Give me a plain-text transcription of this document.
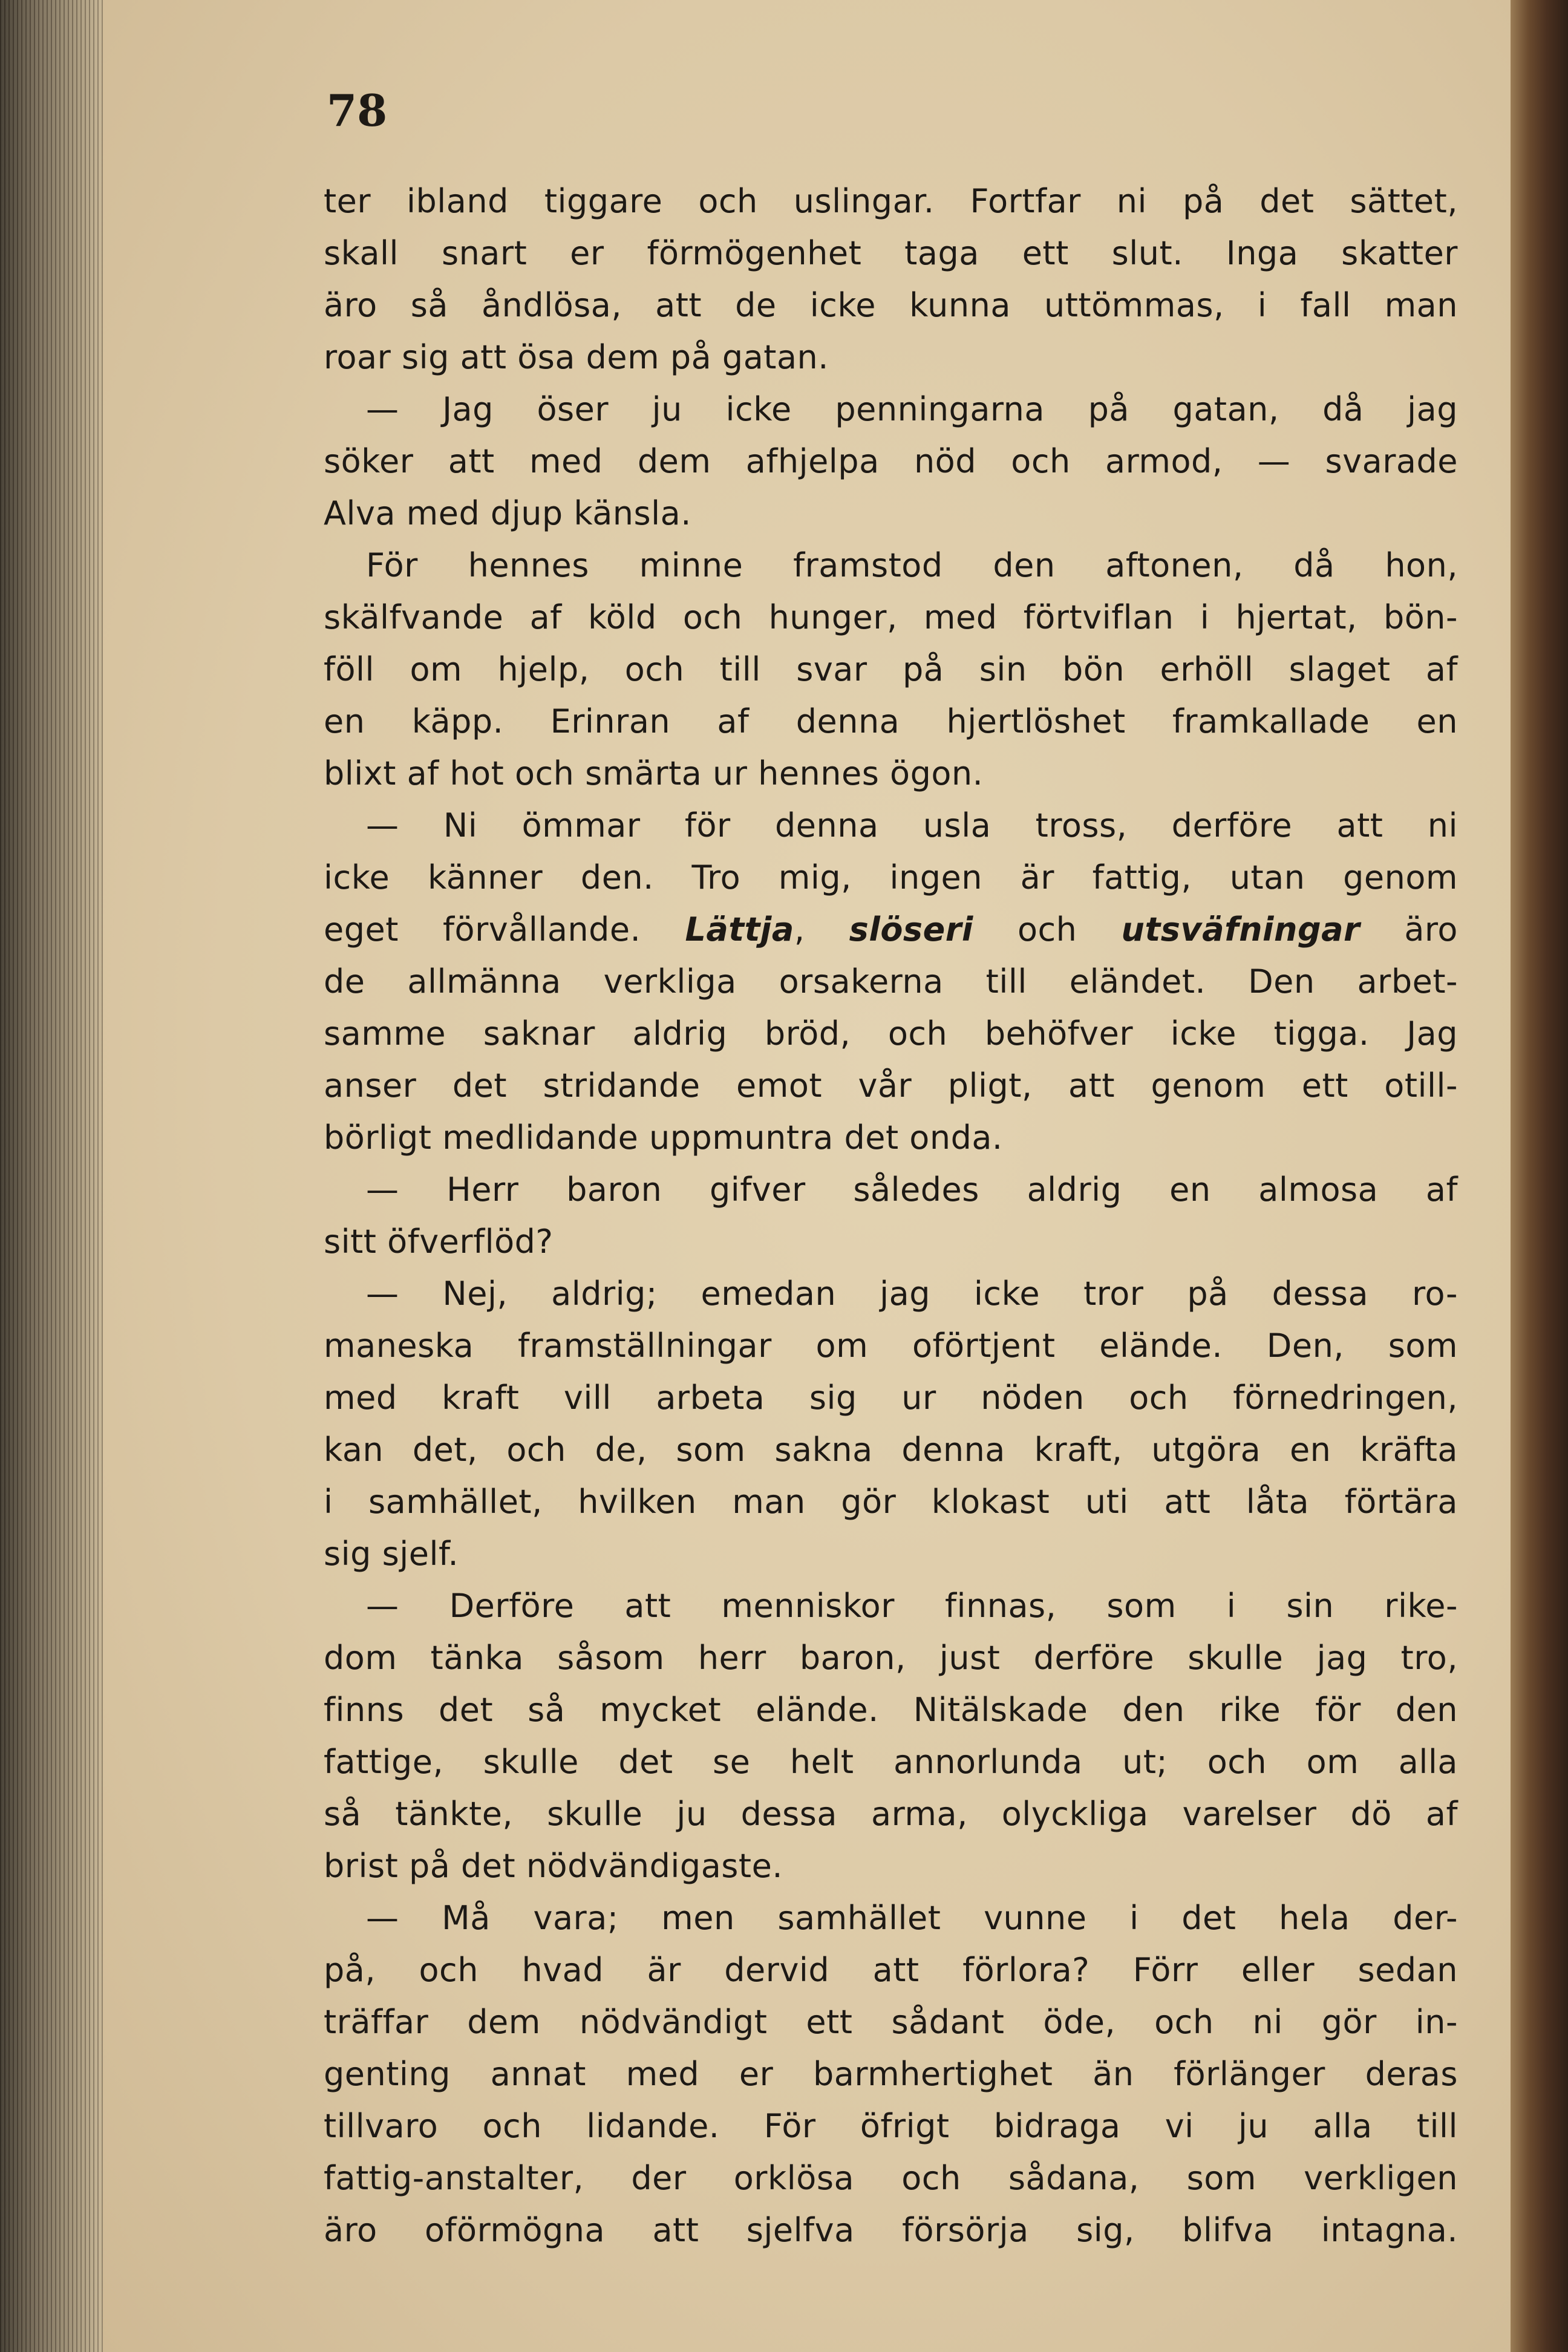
78
ter ibland tiggare och uslingar. Fortfar ni på det sättet,
skall snart er förmögenhet taga ett slut. Inga skatter
äro så åndlösa, att de icke kunna uttömmas, i fall man
roar sig att ösa dem på gatan.
— Jag öser ju icke penningarna på gatan, då jag
söker att med dem afhjelpa nöd och armod, — svarade
Alva med djup känsla.
För hennes minne framstod den aftonen, då hon,
skälfvande af köld och hunger, med förtviflan i hjertat, bön-
föll om hjelp, och till svar på sin bön erhöll slaget af
en käpp. Erinran af denna hjertlöshet framkallade en
blixt af hot och smärta ur hennes ögon.
— Ni ömmar för denna usla tross, derföre att ni
icke känner den. Tro mig, ingen är fattig, utan genom
eget förvållande. Lättja, slöseri och utsväfningar äro
de allmänna verkliga orsakerna till eländet. Den arbet-
samme saknar aldrig bröd, och behöfver icke tigga. Jag
anser det stridande emot vår pligt, att genom ett otill-
börligt medlidande uppmuntra det onda.
— Herr baron gifver således aldrig en almosa af
sitt öfverflöd?
— Nej, aldrig; emedan jag icke tror på dessa ro-
maneska framställningar om oförtjent elände. Den, som
med kraft vill arbeta sig ur nöden och förnedringen,
kan det, och de, som sakna denna kraft, utgöra en kräfta
i samhället, hvilken man gör klokast uti att låta förtära
sig sjelf.
— Derföre att menniskor finnas, som i sin rike-
dom tänka såsom herr baron, just derföre skulle jag tro,
finns det så mycket elände. Nitälskade den rike för den
fattige, skulle det se helt annorlunda ut; och om alla
så tänkte, skulle ju dessa arma, olyckliga varelser dö af
brist på det nödvändigaste.
— Må vara; men samhället vunne i det hela der-
på, och hvad är dervid att förlora? Förr eller sedan
träffar dem nödvändigt ett sådant öde, och ni gör in-
genting annat med er barmhertighet än förlänger deras
tillvaro och lidande. För öfrigt bidraga vi ju alla till
fattig-anstalter, der orklösa och sådana, som verkligen
äro oförmögna att sjelfva försörja sig, blifva intagna.
